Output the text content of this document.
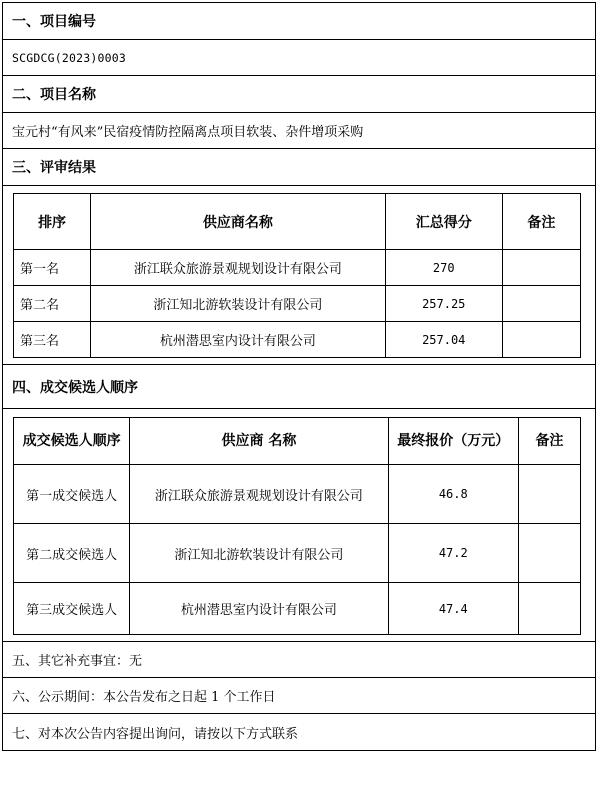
一、项目编号
SCGDCG(2023)0003
二、项目名称
宝元村“有风来”民宿疫情防控隔离点项目软装、杂件增项采购
三、评审结果
排序	供应商名称	汇总得分	备注
第一名	浙江联众旅游景观规划设计有限公司	270	
第二名	浙江知北游软装设计有限公司	257.25	
第三名	杭州潜思室内设计有限公司	257.04	
四、成交候选人顺序
成交候选人顺序	供应商 名称	最终报价（万元）	备注
第一成交候选人	浙江联众旅游景观规划设计有限公司	46.8	
第二成交候选人	浙江知北游软装设计有限公司	47.2	
第三成交候选人	杭州潜思室内设计有限公司	47.4	
五、其它补充事宜：无
六、公示期间：本公告发布之日起 1 个工作日
七、对本次公告内容提出询问，请按以下方式联系
